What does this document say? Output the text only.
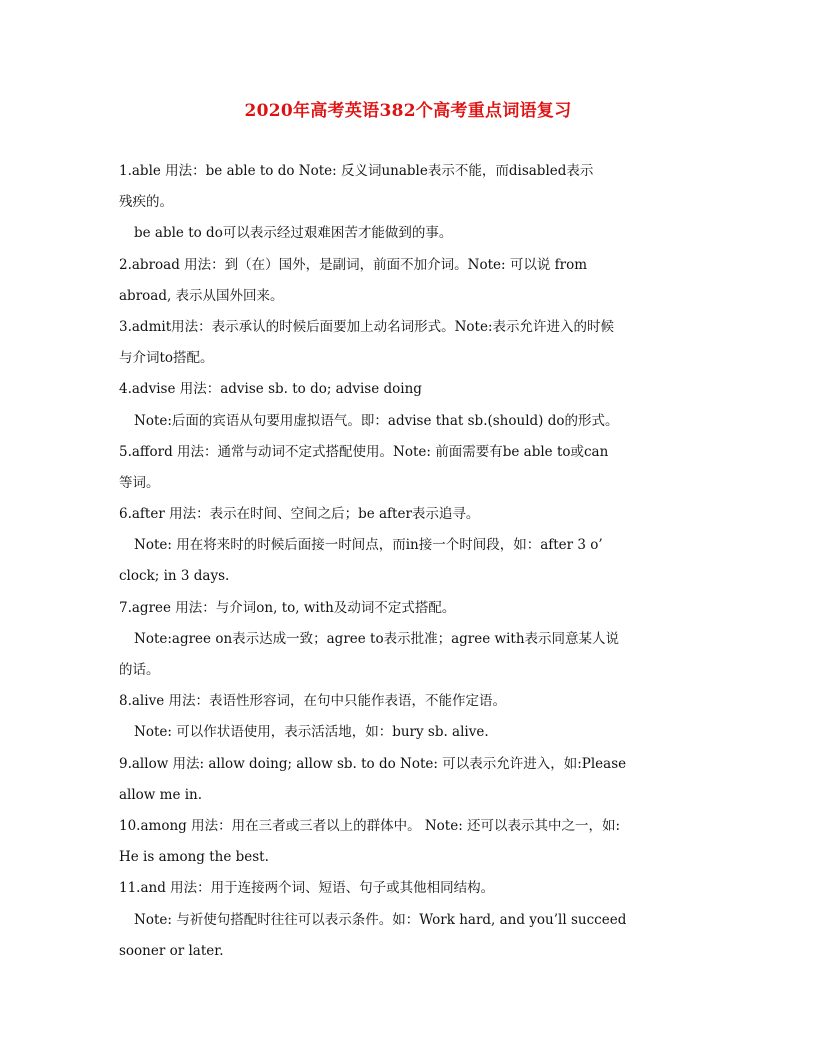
2020年高考英语382个高考重点词语复习
1.able 用法：be able to do Note: 反义词unable表示不能，而disabled表示
残疾的。
be able to do可以表示经过艰难困苦才能做到的事。
2.abroad 用法：到（在）国外，是副词，前面不加介词。Note: 可以说 from
abroad, 表示从国外回来。
3.admit用法：表示承认的时候后面要加上动名词形式。Note:表示允许进入的时候
与介词to搭配。
4.advise 用法：advise sb. to do; advise doing
Note:后面的宾语从句要用虚拟语气。即：advise that sb.(should) do的形式。
5.afford 用法：通常与动词不定式搭配使用。Note: 前面需要有be able to或can
等词。
6.after 用法：表示在时间、空间之后；be after表示追寻。
Note: 用在将来时的时候后面接一时间点，而in接一个时间段，如：after 3 o’
clock; in 3 days.
7.agree 用法：与介词on, to, with及动词不定式搭配。
Note:agree on表示达成一致；agree to表示批准；agree with表示同意某人说
的话。
8.alive 用法：表语性形容词，在句中只能作表语，不能作定语。
Note: 可以作状语使用，表示活活地，如：bury sb. alive.
9.allow 用法: allow doing; allow sb. to do Note: 可以表示允许进入，如:Please
allow me in.
10.among 用法：用在三者或三者以上的群体中。 Note: 还可以表示其中之一，如:
He is among the best.
11.and 用法：用于连接两个词、短语、句子或其他相同结构。
Note: 与祈使句搭配时往往可以表示条件。如：Work hard, and you’ll succeed
sooner or later.
